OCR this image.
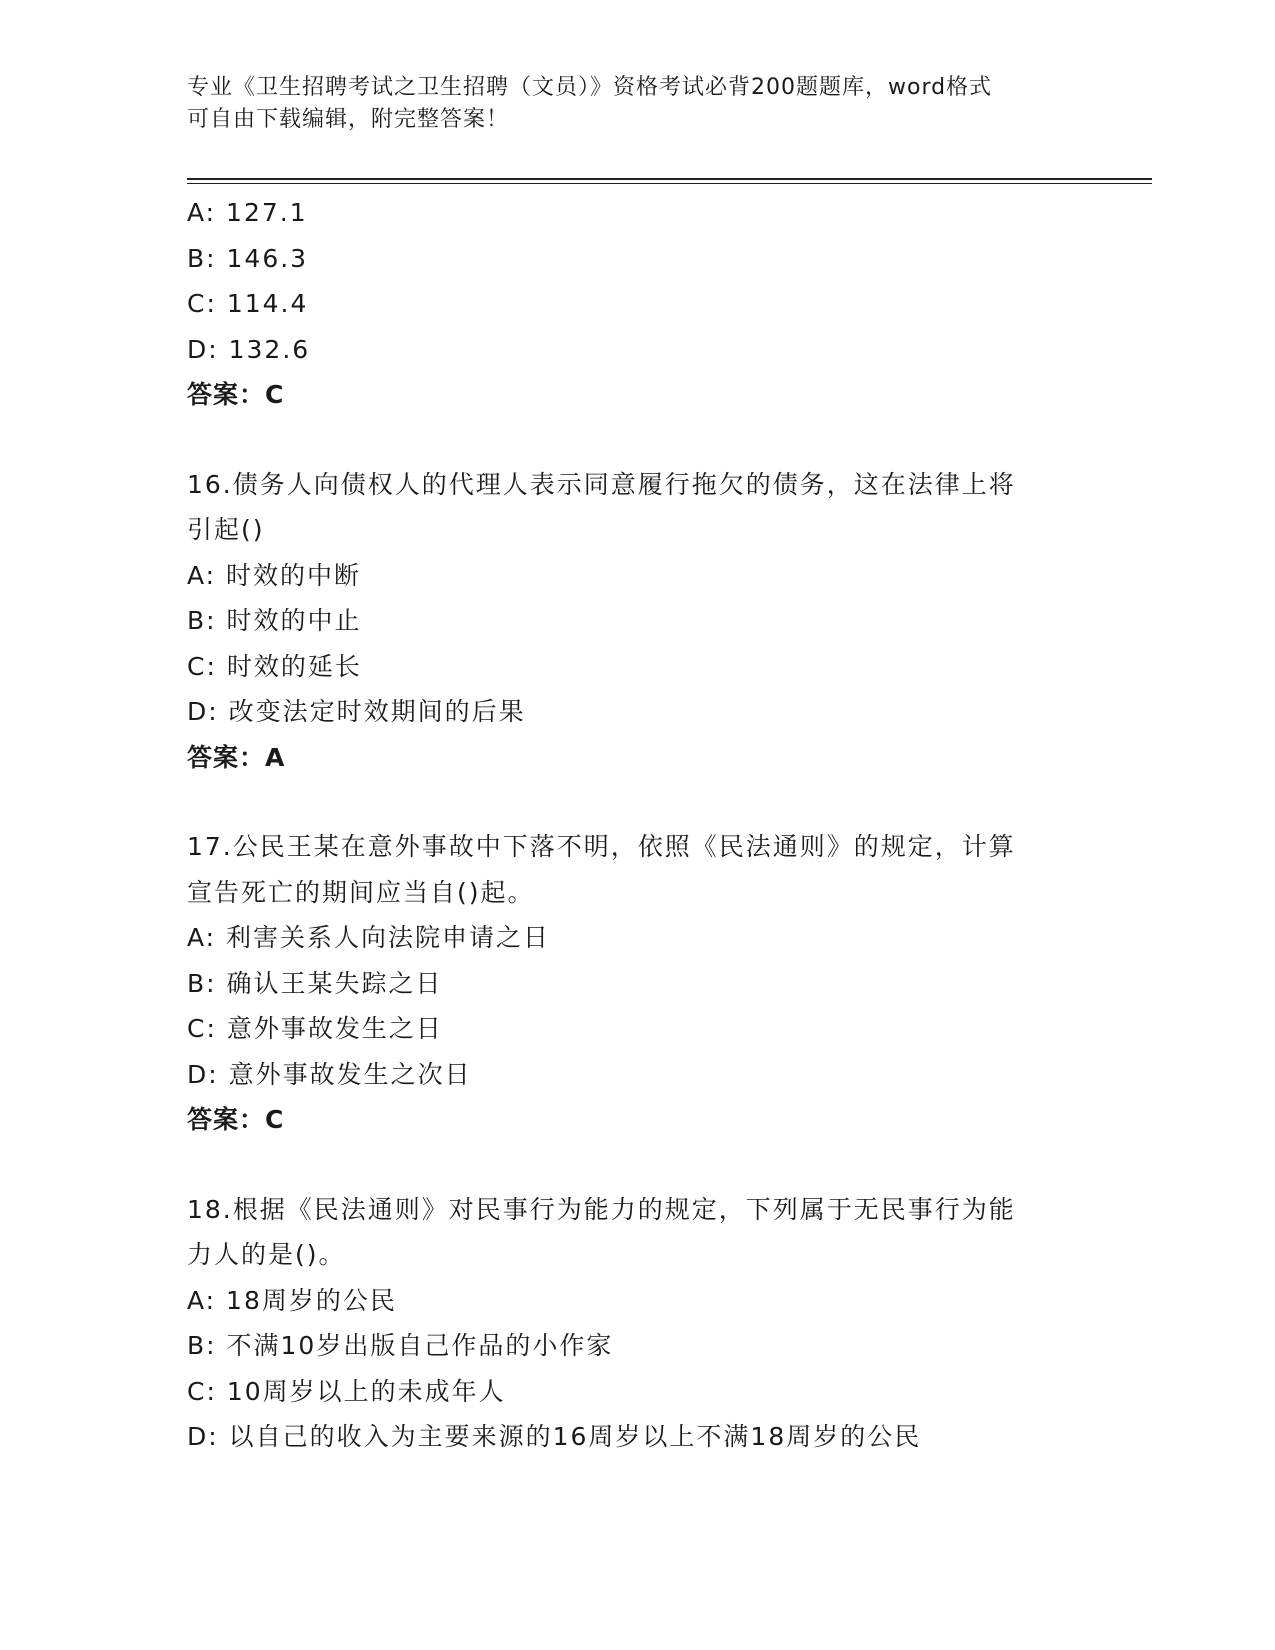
专业《卫生招聘考试之卫生招聘（文员）》资格考试必背200题题库，word格式
可自由下载编辑，附完整答案！
A: 127.1
B: 146.3
C: 114.4
D: 132.6
答案：C
16.债务人向债权人的代理人表示同意履行拖欠的债务，这在法律上将
引起()
A: 时效的中断
B: 时效的中止
C: 时效的延长
D: 改变法定时效期间的后果
答案：A
17.公民王某在意外事故中下落不明，依照《民法通则》的规定，计算
宣告死亡的期间应当自()起。
A: 利害关系人向法院申请之日
B: 确认王某失踪之日
C: 意外事故发生之日
D: 意外事故发生之次日
答案：C
18.根据《民法通则》对民事行为能力的规定，下列属于无民事行为能
力人的是()。
A: 18周岁的公民
B: 不满10岁出版自己作品的小作家
C: 10周岁以上的未成年人
D: 以自己的收入为主要来源的16周岁以上不满18周岁的公民
